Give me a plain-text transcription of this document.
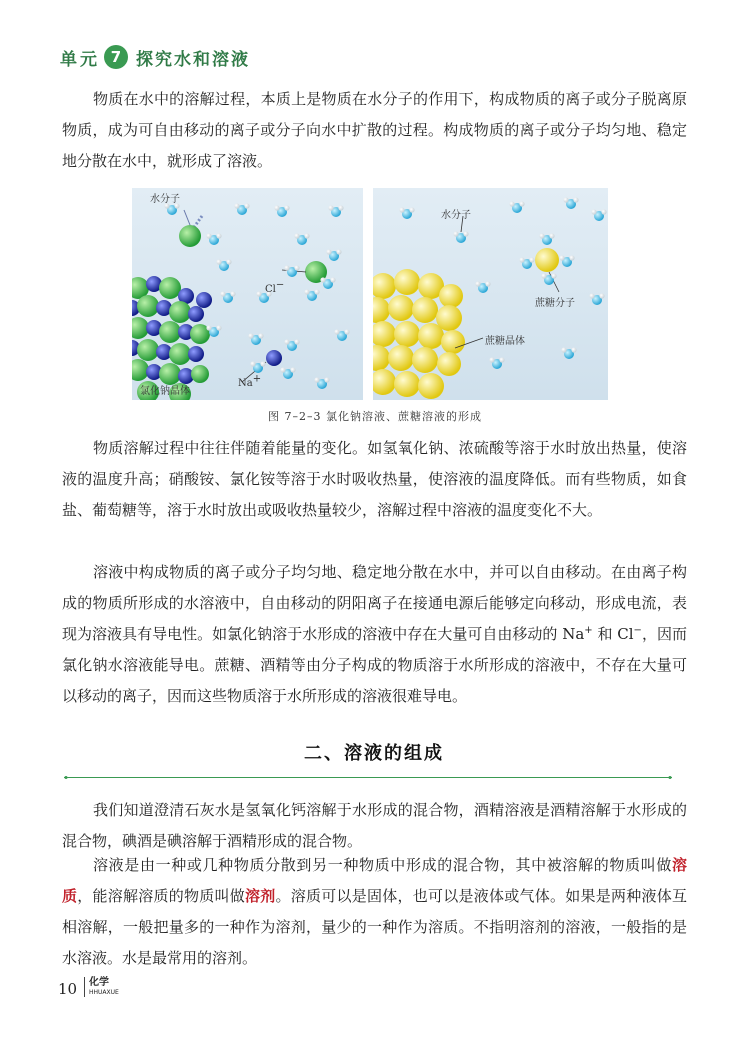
单元 7 探究水和溶液

物质在水中的溶解过程，本质上是物质在水分子的作用下，构成物质的离子或分子脱离原物质，成为可自由移动的离子或分子向水中扩散的过程。构成物质的离子或分子均匀地、稳定地分散在水中，就形成了溶液。

水分子
Cl−
Na+
氯化钠晶体
水分子
蔗糖分子
蔗糖晶体
图 7–2–3 氯化钠溶液、蔗糖溶液的形成

物质溶解过程中往往伴随着能量的变化。如氢氧化钠、浓硫酸等溶于水时放出热量，使溶液的温度升高；硝酸铵、氯化铵等溶于水时吸收热量，使溶液的温度降低。而有些物质，如食盐、葡萄糖等，溶于水时放出或吸收热量较少，溶解过程中溶液的温度变化不大。

溶液中构成物质的离子或分子均匀地、稳定地分散在水中，并可以自由移动。在由离子构成的物质所形成的水溶液中，自由移动的阴阳离子在接通电源后能够定向移动，形成电流，表现为溶液具有导电性。如氯化钠溶于水形成的溶液中存在大量可自由移动的 Na+ 和 Cl−，因而氯化钠水溶液能导电。蔗糖、酒精等由分子构成的物质溶于水所形成的溶液中，不存在大量可以移动的离子，因而这些物质溶于水所形成的溶液很难导电。

二、溶液的组成

我们知道澄清石灰水是氢氧化钙溶解于水形成的混合物，酒精溶液是酒精溶解于水形成的混合物，碘酒是碘溶解于酒精形成的混合物。

溶液是由一种或几种物质分散到另一种物质中形成的混合物，其中被溶解的物质叫做溶质，能溶解溶质的物质叫做溶剂。溶质可以是固体，也可以是液体或气体。如果是两种液体互相溶解，一般把量多的一种作为溶剂，量少的一种作为溶质。不指明溶剂的溶液，一般指的是水溶液。水是最常用的溶剂。

10 化学
HHUAXUE
